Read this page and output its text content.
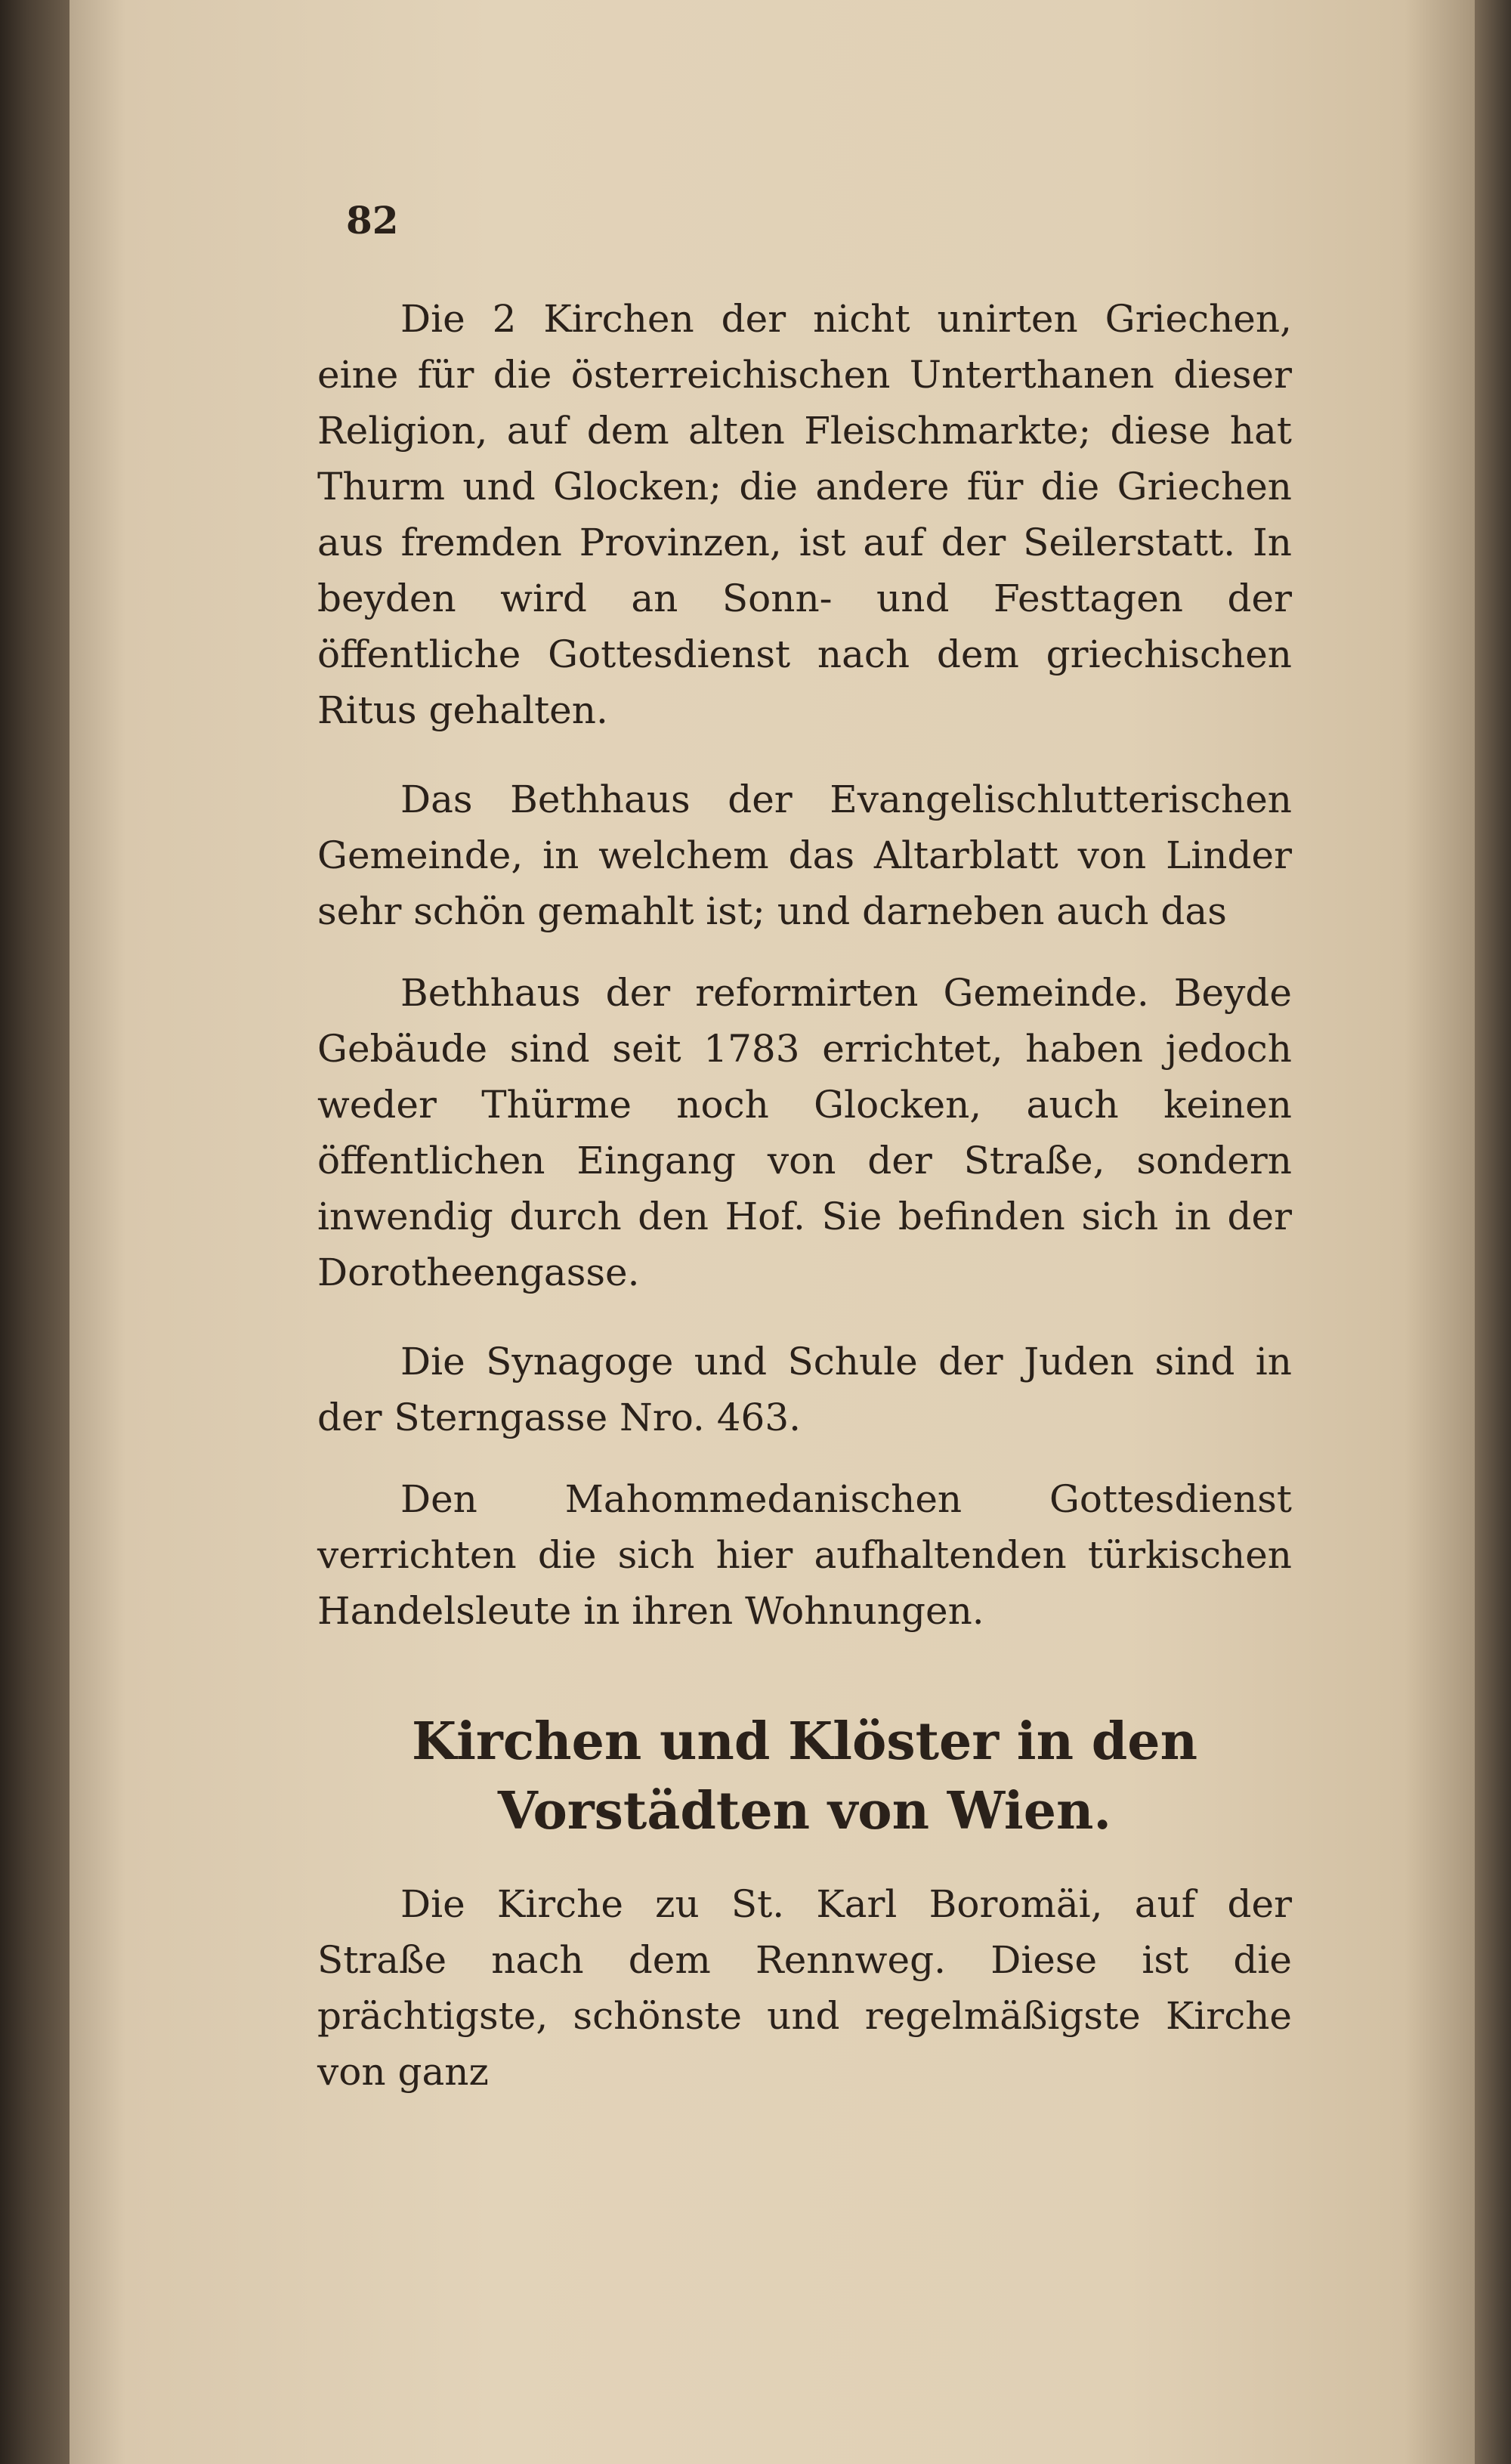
82

Die 2 Kirchen der nicht unirten Griechen, eine für die österreichischen Unterthanen dieser Religion, auf dem alten Fleischmarkte; diese hat Thurm und Glocken; die andere für die Griechen aus fremden Provinzen, ist auf der Seilerstatt. In beyden wird an Sonn- und Festtagen der öffentliche Gottesdienst nach dem griechischen Ritus gehalten.

Das Bethhaus der Evangelischlutterischen Gemeinde, in welchem das Altarblatt von Linder sehr schön gemahlt ist; und darneben auch das

Bethhaus der reformirten Gemeinde. Beyde Gebäude sind seit 1783 errichtet, haben jedoch weder Thürme noch Glocken, auch keinen öffentlichen Eingang von der Straße, sondern inwendig durch den Hof. Sie befinden sich in der Dorotheengasse.

Die Synagoge und Schule der Juden sind in der Sterngasse Nro. 463.

Den Mahommedanischen Gottesdienst verrichten die sich hier aufhaltenden türkischen Handelsleute in ihren Wohnungen.

Kirchen und Klöster in den Vorstädten von Wien.

Die Kirche zu St. Karl Boromäi, auf der Straße nach dem Rennweg. Diese ist die prächtigste, schönste und regelmäßigste Kirche von ganz
